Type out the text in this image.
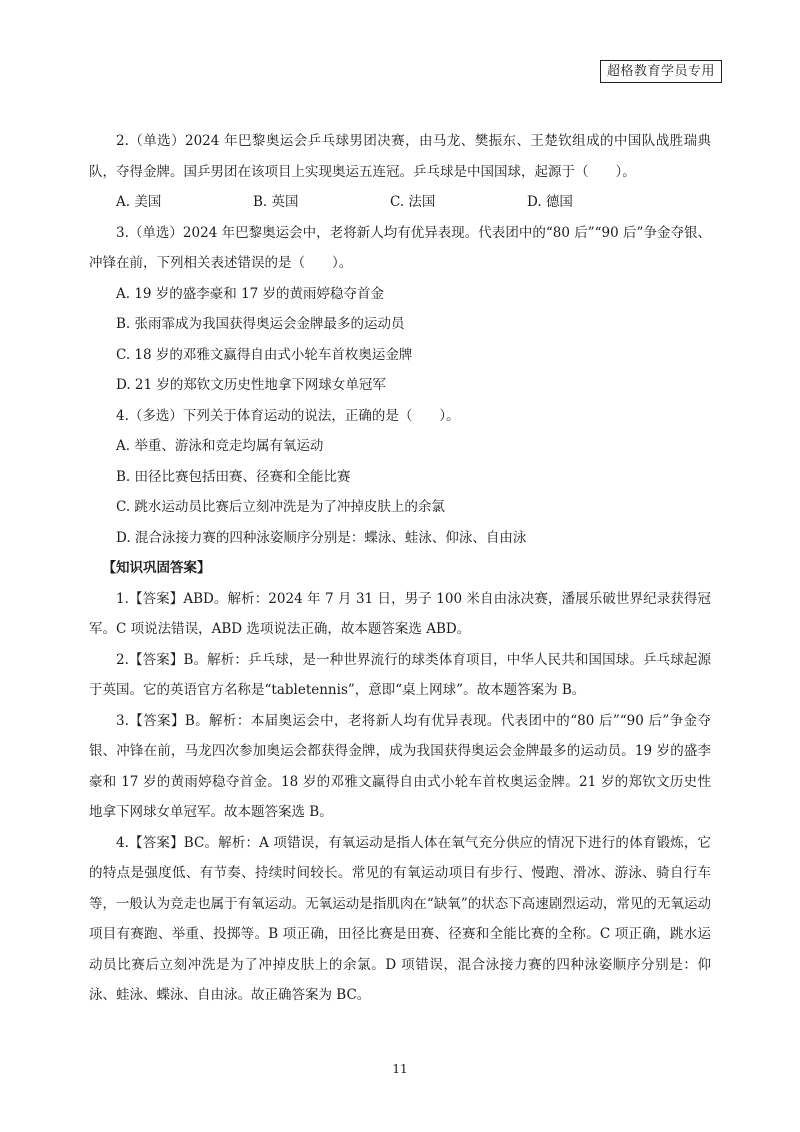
超格教育学员专用

2.（单选）2024 年巴黎奥运会乒乓球男团决赛，由马龙、樊振东、王楚钦组成的中国队战胜瑞典队，夺得金牌。国乒男团在该项目上实现奥运五连冠。乒乓球是中国国球，起源于（　　）。

A. 美国	B. 英国	C. 法国	D. 德国

3.（单选）2024 年巴黎奥运会中，老将新人均有优异表现。代表团中的“80 后”“90 后”争金夺银、冲锋在前，下列相关表述错误的是（　　）。

A. 19 岁的盛李豪和 17 岁的黄雨婷稳夺首金

B. 张雨霏成为我国获得奥运会金牌最多的运动员

C. 18 岁的邓雅文赢得自由式小轮车首枚奥运金牌

D. 21 岁的郑钦文历史性地拿下网球女单冠军

4.（多选）下列关于体育运动的说法，正确的是（　　）。

A. 举重、游泳和竞走均属有氧运动

B. 田径比赛包括田赛、径赛和全能比赛

C. 跳水运动员比赛后立刻冲洗是为了冲掉皮肤上的余氯

D. 混合泳接力赛的四种泳姿顺序分别是：蝶泳、蛙泳、仰泳、自由泳

【知识巩固答案】

1.【答案】ABD。解析：2024 年 7 月 31 日，男子 100 米自由泳决赛，潘展乐破世界纪录获得冠军。C 项说法错误，ABD 选项说法正确，故本题答案选 ABD。

2.【答案】B。解析：乒乓球，是一种世界流行的球类体育项目，中华人民共和国国球。乒乓球起源于英国。它的英语官方名称是“tabletennis”，意即“桌上网球”。故本题答案为 B。

3.【答案】B。解析：本届奥运会中，老将新人均有优异表现。代表团中的“80 后”“90 后”争金夺银、冲锋在前，马龙四次参加奥运会都获得金牌，成为我国获得奥运会金牌最多的运动员。19 岁的盛李豪和 17 岁的黄雨婷稳夺首金。18 岁的邓雅文赢得自由式小轮车首枚奥运金牌。21 岁的郑钦文历史性地拿下网球女单冠军。故本题答案选 B。

4.【答案】BC。解析：A 项错误，有氧运动是指人体在氧气充分供应的情况下进行的体育锻炼，它的特点是强度低、有节奏、持续时间较长。常见的有氧运动项目有步行、慢跑、滑冰、游泳、骑自行车等，一般认为竞走也属于有氧运动。无氧运动是指肌肉在“缺氧”的状态下高速剧烈运动，常见的无氧运动项目有赛跑、举重、投掷等。B 项正确，田径比赛是田赛、径赛和全能比赛的全称。C 项正确，跳水运动员比赛后立刻冲洗是为了冲掉皮肤上的余氯。D 项错误，混合泳接力赛的四种泳姿顺序分别是：仰泳、蛙泳、蝶泳、自由泳。故正确答案为 BC。

11
